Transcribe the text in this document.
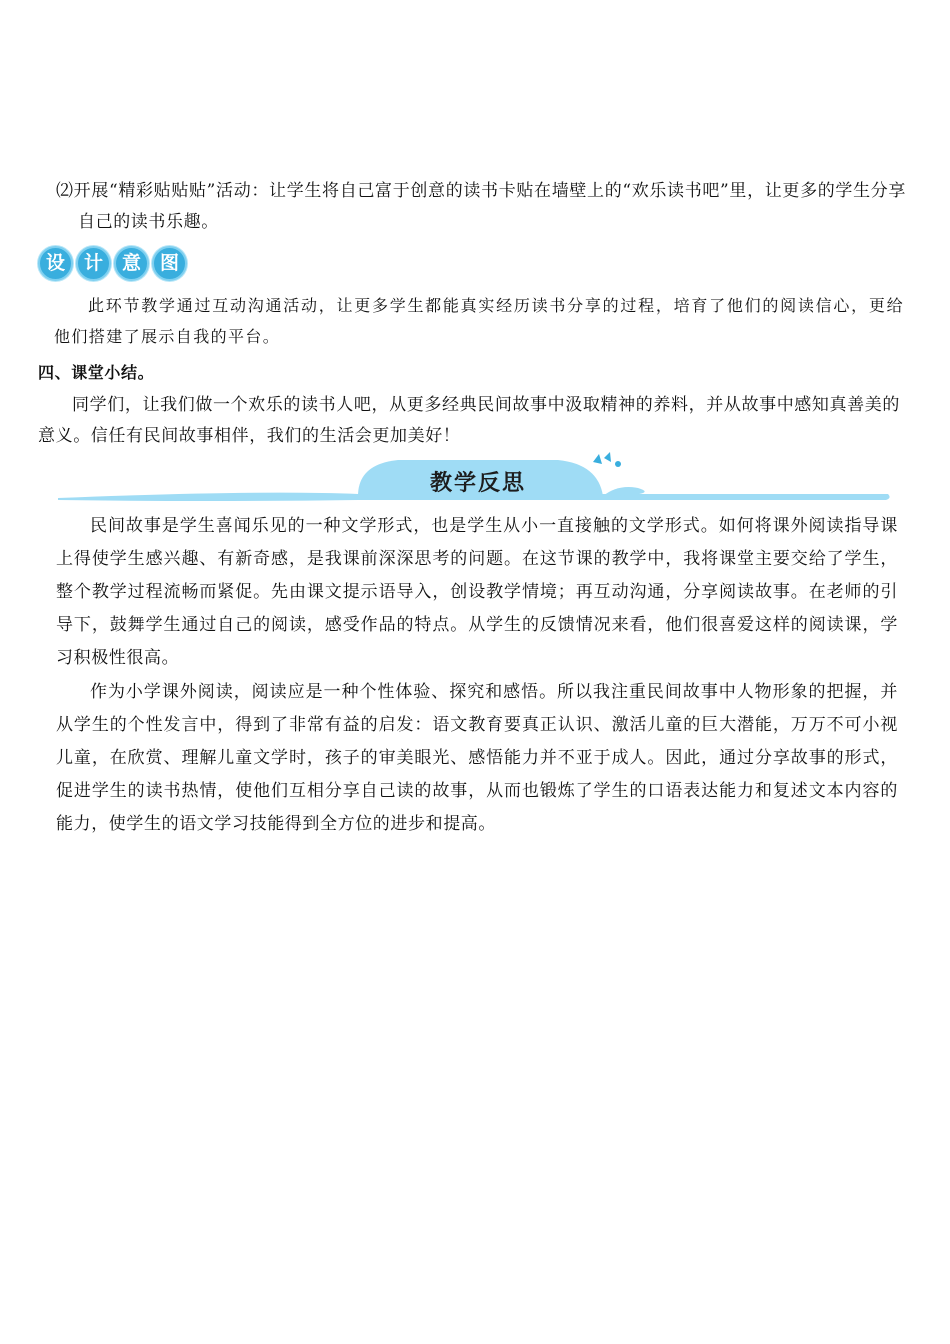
⑵开展“精彩贴贴贴”活动：让学生将自己富于创意的读书卡贴在墙壁上的“欢乐读书吧”里，让更多的学生分享自己的读书乐趣。

设 计 意 图

此环节教学通过互动沟通活动，让更多学生都能真实经历读书分享的过程，培育了他们的阅读信心，更给他们搭建了展示自我的平台。

四、课堂小结。

同学们，让我们做一个欢乐的读书人吧，从更多经典民间故事中汲取精神的养料，并从故事中感知真善美的意义。信任有民间故事相伴，我们的生活会更加美好！

教学反思

民间故事是学生喜闻乐见的一种文学形式，也是学生从小一直接触的文学形式。如何将课外阅读指导课上得使学生感兴趣、有新奇感，是我课前深深思考的问题。在这节课的教学中，我将课堂主要交给了学生，整个教学过程流畅而紧促。先由课文提示语导入，创设教学情境；再互动沟通，分享阅读故事。在老师的引导下，鼓舞学生通过自己的阅读，感受作品的特点。从学生的反馈情况来看，他们很喜爱这样的阅读课，学习积极性很高。

作为小学课外阅读，阅读应是一种个性体验、探究和感悟。所以我注重民间故事中人物形象的把握，并从学生的个性发言中，得到了非常有益的启发：语文教育要真正认识、激活儿童的巨大潜能，万万不可小视儿童，在欣赏、理解儿童文学时，孩子的审美眼光、感悟能力并不亚于成人。因此，通过分享故事的形式，促进学生的读书热情，使他们互相分享自己读的故事，从而也锻炼了学生的口语表达能力和复述文本内容的能力，使学生的语文学习技能得到全方位的进步和提高。
